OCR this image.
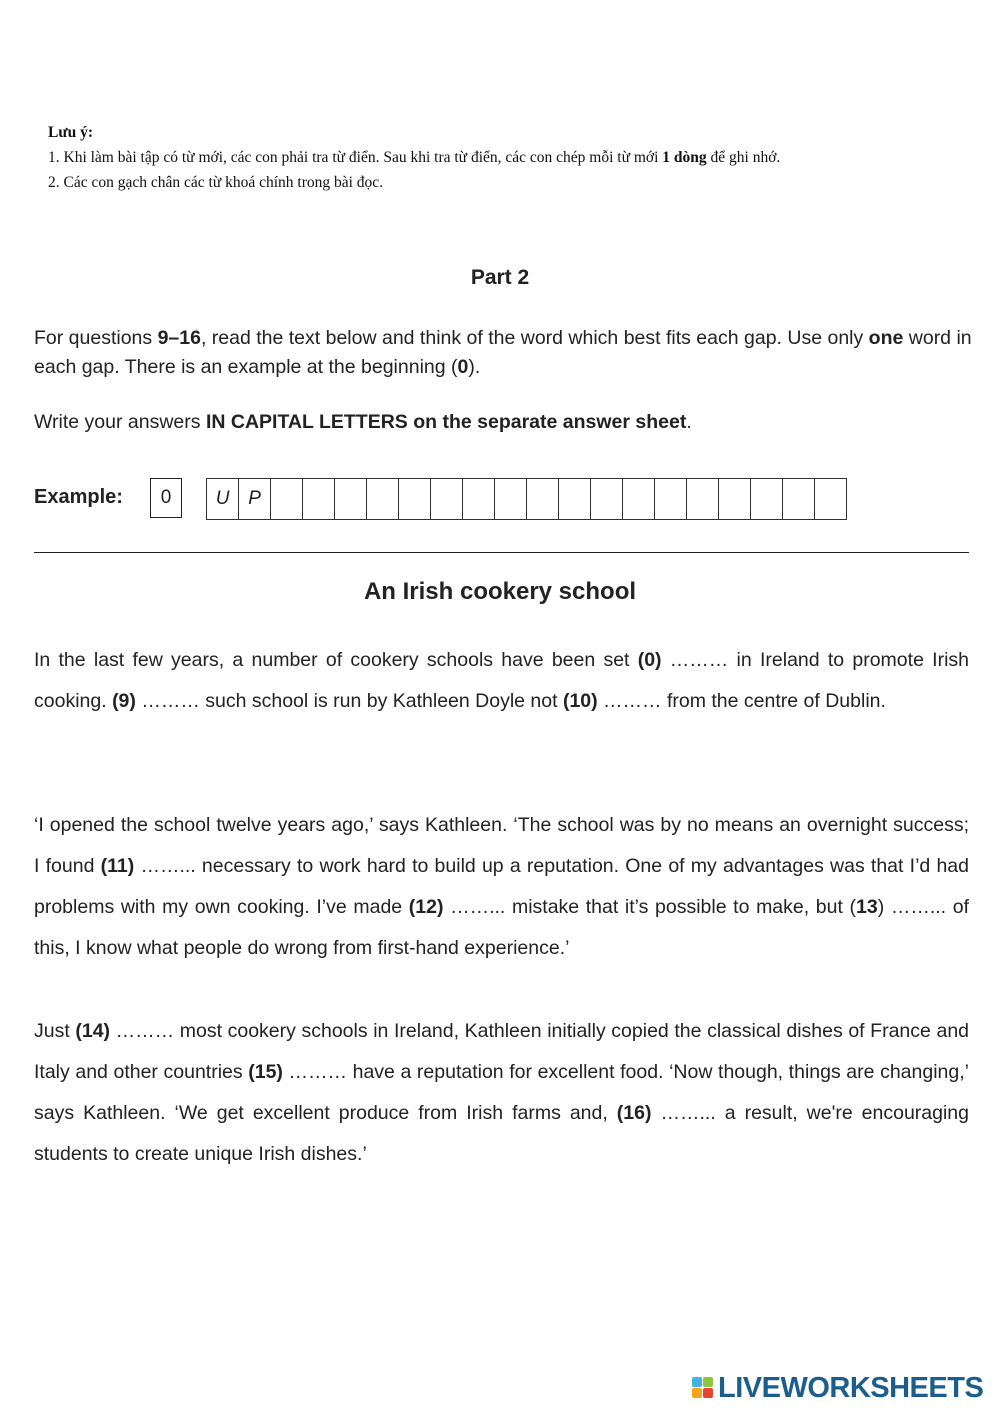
Lưu ý:
1. Khi làm bài tập có từ mới, các con phải tra từ điển. Sau khi tra từ điển, các con chép mỗi từ mới 1 dòng để ghi nhớ.
2. Các con gạch chân các từ khoá chính trong bài đọc.
Part 2
For questions 9–16, read the text below and think of the word which best fits each gap. Use only one word in each gap. There is an example at the beginning (0).
Write your answers IN CAPITAL LETTERS on the separate answer sheet.
Example:	0	U P
An Irish cookery school
In the last few years, a number of cookery schools have been set (0) ……… in Ireland to promote Irish cooking. (9) ……… such school is run by Kathleen Doyle not (10) ……… from the centre of Dublin.
‘I opened the school twelve years ago,’ says Kathleen. ‘The school was by no means an overnight success; I found (11) ……... necessary to work hard to build up a reputation. One of my advantages was that I’d had problems with my own cooking. I’ve made (12) ……... mistake that it’s possible to make, but (13) ……... of this, I know what people do wrong from first-hand experience.’
Just (14) ……… most cookery schools in Ireland, Kathleen initially copied the classical dishes of France and Italy and other countries (15) ……… have a reputation for excellent food. ‘Now though, things are changing,’ says Kathleen. ‘We get excellent produce from Irish farms and, (16) ……... a result, we're encouraging students to create unique Irish dishes.’
LIVEWORKSHEETS
